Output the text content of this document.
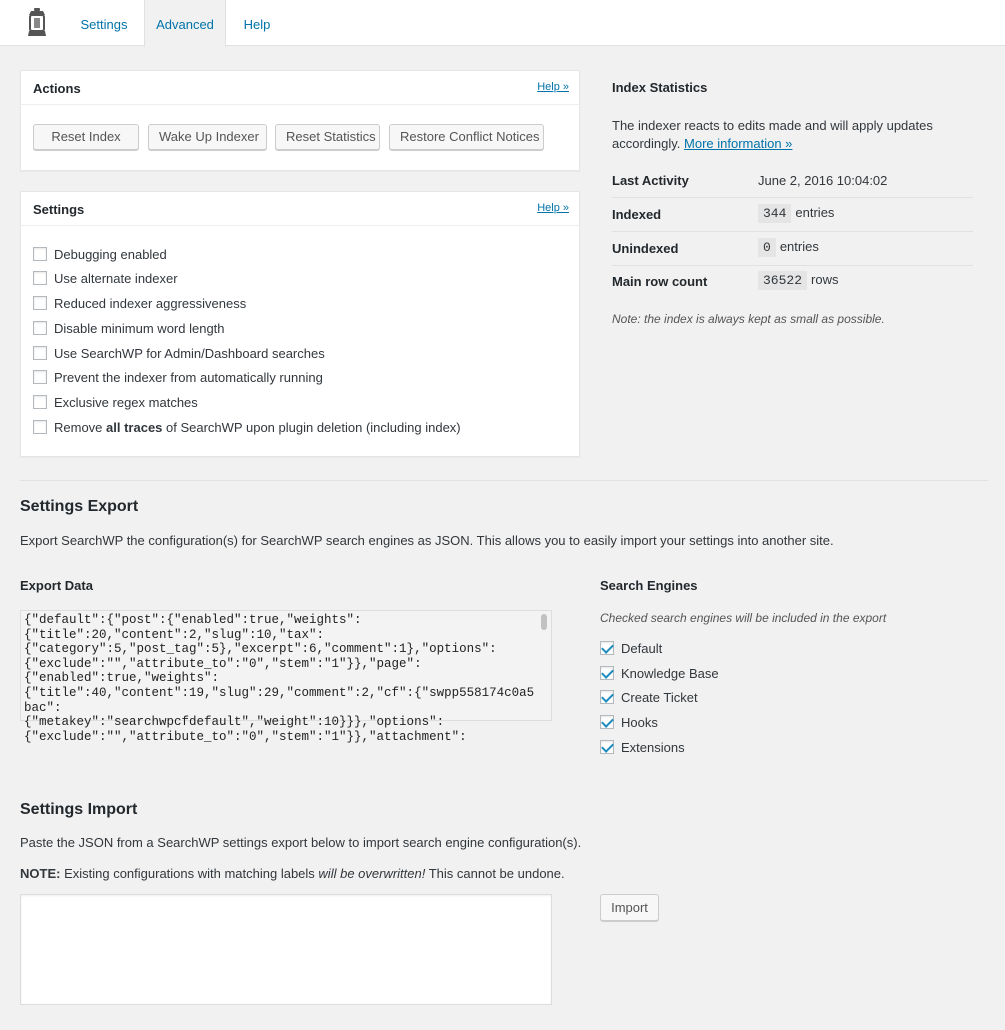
Settings	Advanced	Help
Actions	Help »
Reset Index	Wake Up Indexer	Reset Statistics	Restore Conflict Notices
Settings	Help »
Debugging enabled
Use alternate indexer
Reduced indexer aggressiveness
Disable minimum word length
Use SearchWP for Admin/Dashboard searches
Prevent the indexer from automatically running
Exclusive regex matches
Remove all traces of SearchWP upon plugin deletion (including index)
Index Statistics
The indexer reacts to edits made and will apply updates accordingly. More information »
Last Activity	June 2, 2016 10:04:02
Indexed	344 entries
Unindexed	0 entries
Main row count	36522 rows
Note: the index is always kept as small as possible.
Settings Export
Export SearchWP the configuration(s) for SearchWP search engines as JSON. This allows you to easily import your settings into another site.
Export Data
{"default":{"post":{"enabled":true,"weights":
{"title":20,"content":2,"slug":10,"tax":
{"category":5,"post_tag":5},"excerpt":6,"comment":1},"options":
{"exclude":"","attribute_to":"0","stem":"1"}},"page":
{"enabled":true,"weights":
{"title":40,"content":19,"slug":29,"comment":2,"cf":{"swpp558174c0a5bac":
{"metakey":"searchwpcfdefault","weight":10}}},"options":
{"exclude":"","attribute_to":"0","stem":"1"}},"attachment":
Search Engines
Checked search engines will be included in the export
Default
Knowledge Base
Create Ticket
Hooks
Extensions
Settings Import
Paste the JSON from a SearchWP settings export below to import search engine configuration(s).
NOTE: Existing configurations with matching labels will be overwritten! This cannot be undone.
Import
